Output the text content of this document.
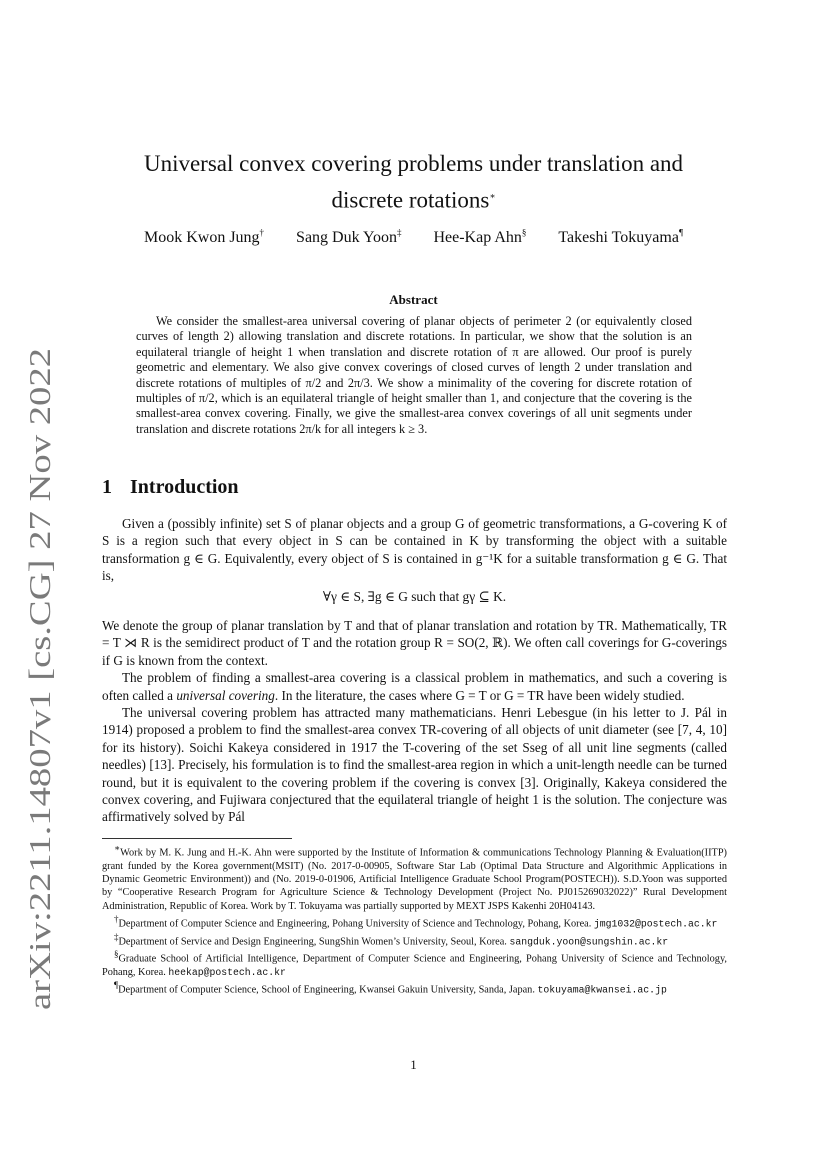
arXiv:2211.14807v1 [cs.CG] 27 Nov 2022
Universal convex covering problems under translation and
discrete rotations∗
Mook Kwon Jung† Sang Duk Yoon‡ Hee-Kap Ahn§ Takeshi Tokuyama¶
Abstract
We consider the smallest-area universal covering of planar objects of perimeter 2 (or equivalently closed curves of length 2) allowing translation and discrete rotations. In particular, we show that the solution is an equilateral triangle of height 1 when translation and discrete rotation of π are allowed. Our proof is purely geometric and elementary. We also give convex coverings of closed curves of length 2 under translation and discrete rotations of multiples of π/2 and 2π/3. We show a minimality of the covering for discrete rotation of multiples of π/2, which is an equilateral triangle of height smaller than 1, and conjecture that the covering is the smallest-area convex covering. Finally, we give the smallest-area convex coverings of all unit segments under translation and discrete rotations 2π/k for all integers k ≥ 3.
1 Introduction

Given a (possibly infinite) set S of planar objects and a group G of geometric transformations, a G-covering K of S is a region such that every object in S can be contained in K by transforming the object with a suitable transformation g ∈ G. Equivalently, every object of S is contained in g⁻¹K for a suitable transformation g ∈ G. That is,

∀γ ∈ S, ∃g ∈ G such that gγ ⊆ K.

We denote the group of planar translation by T and that of planar translation and rotation by TR. Mathematically, TR = T ⋊ R is the semidirect product of T and the rotation group R = SO(2, ℝ). We often call coverings for G-coverings if G is known from the context.

The problem of finding a smallest-area covering is a classical problem in mathematics, and such a covering is often called a universal covering. In the literature, the cases where G = T or G = TR have been widely studied.

The universal covering problem has attracted many mathematicians. Henri Lebesgue (in his letter to J. Pál in 1914) proposed a problem to find the smallest-area convex TR-covering of all objects of unit diameter (see [7, 4, 10] for its history). Soichi Kakeya considered in 1917 the T-covering of the set Sseg of all unit line segments (called needles) [13]. Precisely, his formulation is to find the smallest-area region in which a unit-length needle can be turned round, but it is equivalent to the covering problem if the covering is convex [3]. Originally, Kakeya considered the convex covering, and Fujiwara conjectured that the equilateral triangle of height 1 is the solution. The conjecture was affirmatively solved by Pál

∗Work by M. K. Jung and H.-K. Ahn were supported by the Institute of Information & communications Technology Planning & Evaluation(IITP) grant funded by the Korea government(MSIT) (No. 2017-0-00905, Software Star Lab (Optimal Data Structure and Algorithmic Applications in Dynamic Geometric Environment)) and (No. 2019-0-01906, Artificial Intelligence Graduate School Program(POSTECH)). S.D.Yoon was supported by “Cooperative Research Program for Agriculture Science & Technology Development (Project No. PJ015269032022)” Rural Development Administration, Republic of Korea. Work by T. Tokuyama was partially supported by MEXT JSPS Kakenhi 20H04143.

†Department of Computer Science and Engineering, Pohang University of Science and Technology, Pohang, Korea. jmg1032@postech.ac.kr

‡Department of Service and Design Engineering, SungShin Women’s University, Seoul, Korea. sangduk.yoon@sungshin.ac.kr

§Graduate School of Artificial Intelligence, Department of Computer Science and Engineering, Pohang University of Science and Technology, Pohang, Korea. heekap@postech.ac.kr

¶Department of Computer Science, School of Engineering, Kwansei Gakuin University, Sanda, Japan. tokuyama@kwansei.ac.jp

1
